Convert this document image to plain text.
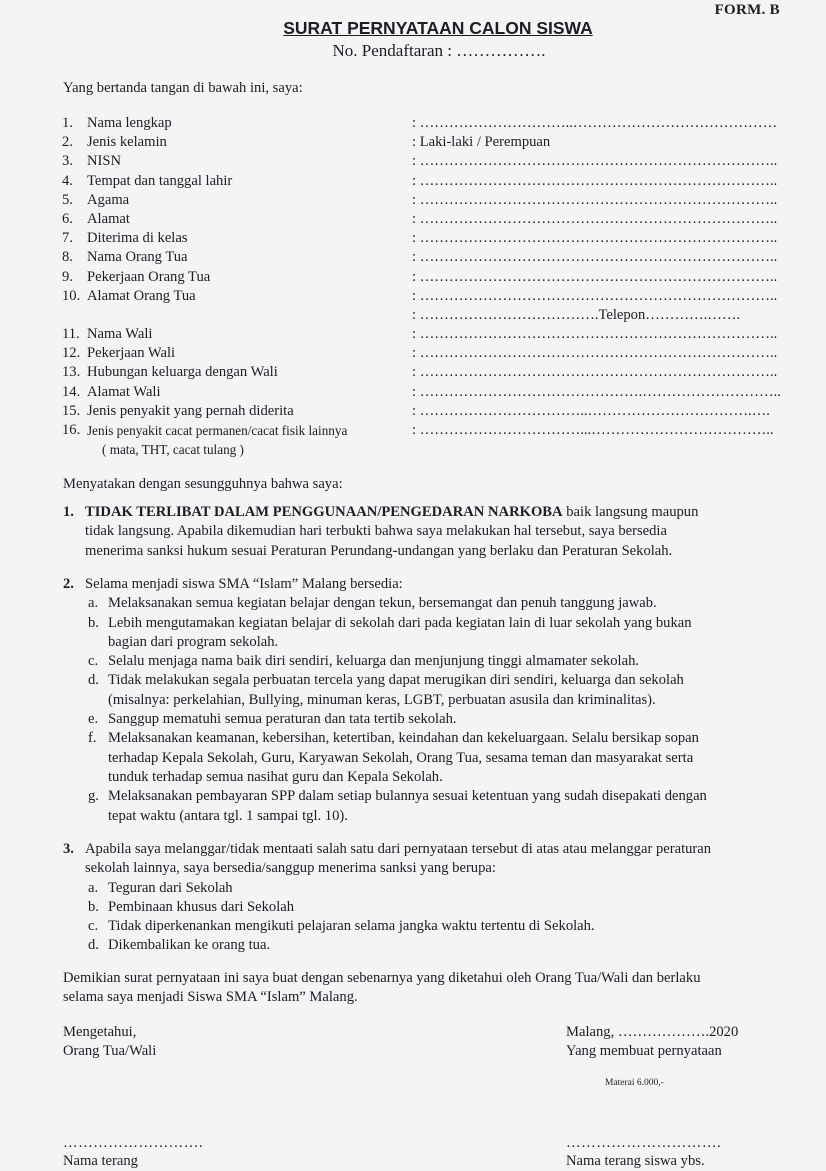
FORM. B
SURAT PERNYATAAN CALON SISWA
No. Pendaftaran : …………….
Yang bertanda tangan di bawah ini, saya:
1. Nama lengkap	: …………………………..……………………………………
2. Jenis kelamin	: Laki-laki / Perempuan
3. NISN	: ………………………………………………………………..
4. Tempat dan tanggal lahir	: ………………………………………………………………..
5. Agama	: ………………………………………………………………..
6. Alamat	: ………………………………………………………………..
7. Diterima di kelas	: ………………………………………………………………..
8. Nama Orang Tua	: ………………………………………………………………..
9. Pekerjaan Orang Tua	: ………………………………………………………………..
10. Alamat Orang Tua	: ………………………………………………………………..
: ……………………………….Telepon………….…….
11. Nama Wali	: ………………………………………………………………..
12. Pekerjaan Wali	: ………………………………………………………………..
13. Hubungan keluarga dengan Wali	: ………………………………………………………………..
14. Alamat Wali	: ……………………………………….………………………..
15. Jenis penyakit yang pernah diderita	: ……………………………..…………………………….….
16. Jenis penyakit cacat permanen/cacat fisik lainnya	: ……………………………...………………………………..
( mata, THT, cacat tulang )
Menyatakan dengan sesungguhnya bahwa saya:
1. TIDAK TERLIBAT DALAM PENGGUNAAN/PENGEDARAN NARKOBA baik langsung maupun
tidak langsung. Apabila dikemudian hari terbukti bahwa saya melakukan hal tersebut, saya bersedia
menerima sanksi hukum sesuai Peraturan Perundang-undangan yang berlaku dan Peraturan Sekolah.
2. Selama menjadi siswa SMA “Islam” Malang bersedia:
a. Melaksanakan semua kegiatan belajar dengan tekun, bersemangat dan penuh tanggung jawab.
b. Lebih mengutamakan kegiatan belajar di sekolah dari pada kegiatan lain di luar sekolah yang bukan
bagian dari program sekolah.
c. Selalu menjaga nama baik diri sendiri, keluarga dan menjunjung tinggi almamater sekolah.
d. Tidak melakukan segala perbuatan tercela yang dapat merugikan diri sendiri, keluarga dan sekolah
(misalnya: perkelahian, Bullying, minuman keras, LGBT, perbuatan asusila dan kriminalitas).
e. Sanggup mematuhi semua peraturan dan tata tertib sekolah.
f. Melaksanakan keamanan, kebersihan, ketertiban, keindahan dan kekeluargaan. Selalu bersikap sopan
terhadap Kepala Sekolah, Guru, Karyawan Sekolah, Orang Tua, sesama teman dan masyarakat serta
tunduk terhadap semua nasihat guru dan Kepala Sekolah.
g. Melaksanakan pembayaran SPP dalam setiap bulannya sesuai ketentuan yang sudah disepakati dengan
tepat waktu (antara tgl. 1 sampai tgl. 10).
3. Apabila saya melanggar/tidak mentaati salah satu dari pernyataan tersebut di atas atau melanggar peraturan
sekolah lainnya, saya bersedia/sanggup menerima sanksi yang berupa:
a. Teguran dari Sekolah
b. Pembinaan khusus dari Sekolah
c. Tidak diperkenankan mengikuti pelajaran selama jangka waktu tertentu di Sekolah.
d. Dikembalikan ke orang tua.
Demikian surat pernyataan ini saya buat dengan sebenarnya yang diketahui oleh Orang Tua/Wali dan berlaku
selama saya menjadi Siswa SMA “Islam” Malang.
Mengetahui,
Orang Tua/Wali
Malang, ……………….2020
Yang membuat pernyataan
Materai 6.000,-
……………………….	………………………….
Nama terang	Nama terang siswa ybs.
